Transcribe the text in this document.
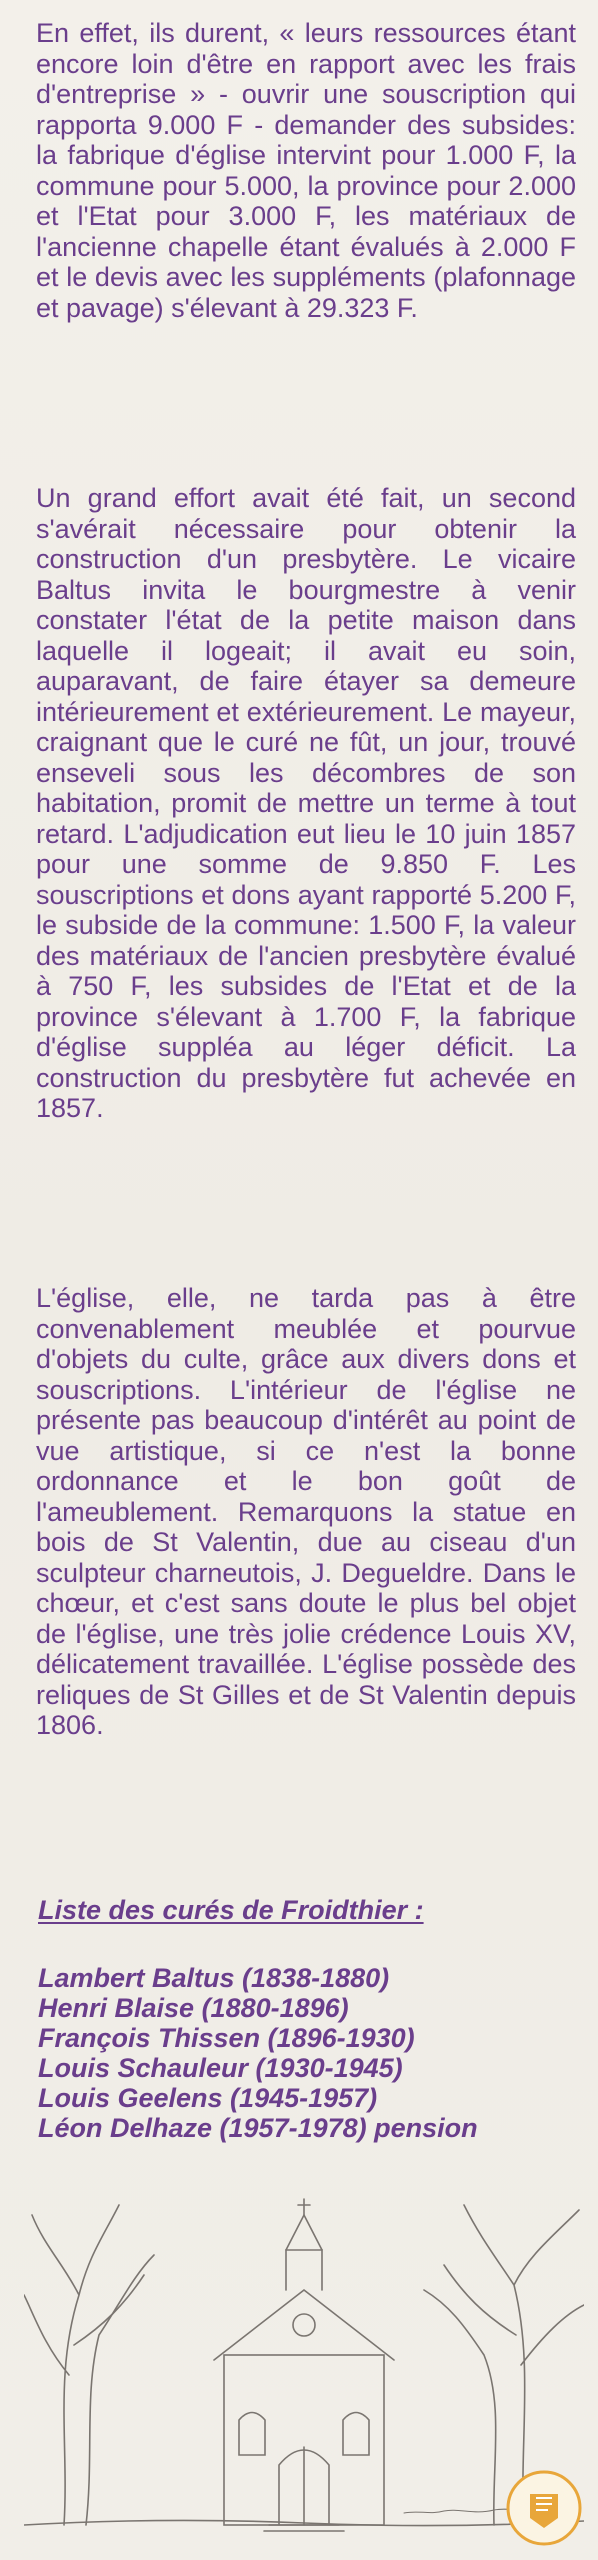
En effet, ils durent, « leurs ressources étant encore loin d'être en rapport avec les frais d'entreprise » - ouvrir une souscription qui rapporta 9.000 F - demander des subsides: la fabrique d'église intervint pour 1.000 F, la commune pour 5.000, la province pour 2.000 et l'Etat pour 3.000 F, les matériaux de l'ancienne chapelle étant évalués à 2.000 F et le devis avec les suppléments (plafonnage et pavage) s'élevant à 29.323 F.

Un grand effort avait été fait, un second s'avérait nécessaire pour obtenir la construction d'un presbytère. Le vicaire Baltus invita le bourgmestre à venir constater l'état de la petite maison dans laquelle il logeait; il avait eu soin, auparavant, de faire étayer sa demeure intérieurement et extérieurement. Le mayeur, craignant que le curé ne fût, un jour, trouvé enseveli sous les décombres de son habitation, promit de mettre un terme à tout retard. L'adjudication eut lieu le 10 juin 1857 pour une somme de 9.850 F. Les souscriptions et dons ayant rapporté 5.200 F, le subside de la commune: 1.500 F, la valeur des matériaux de l'ancien presbytère évalué à 750 F, les subsides de l'Etat et de la province s'élevant à 1.700 F, la fabrique d'église suppléa au léger déficit. La construction du presbytère fut achevée en 1857.

L'église, elle, ne tarda pas à être convenablement meublée et pourvue d'objets du culte, grâce aux divers dons et souscriptions. L'intérieur de l'église ne présente pas beaucoup d'intérêt au point de vue artistique, si ce n'est la bonne ordonnance et le bon goût de l'ameublement. Remarquons la statue en bois de St Valentin, due au ciseau d'un sculpteur charneutois, J. Degueldre. Dans le chœur, et c'est sans doute le plus bel objet de l'église, une très jolie crédence Louis XV, délicatement travaillée. L'église possède des reliques de St Gilles et de St Valentin depuis 1806.

Liste des curés de Froidthier :
Lambert Baltus (1838-1880)
Henri Blaise (1880-1896)
François Thissen (1896-1930)
Louis Schauleur (1930-1945)
Louis Geelens (1945-1957)
Léon Delhaze (1957-1978) pension
